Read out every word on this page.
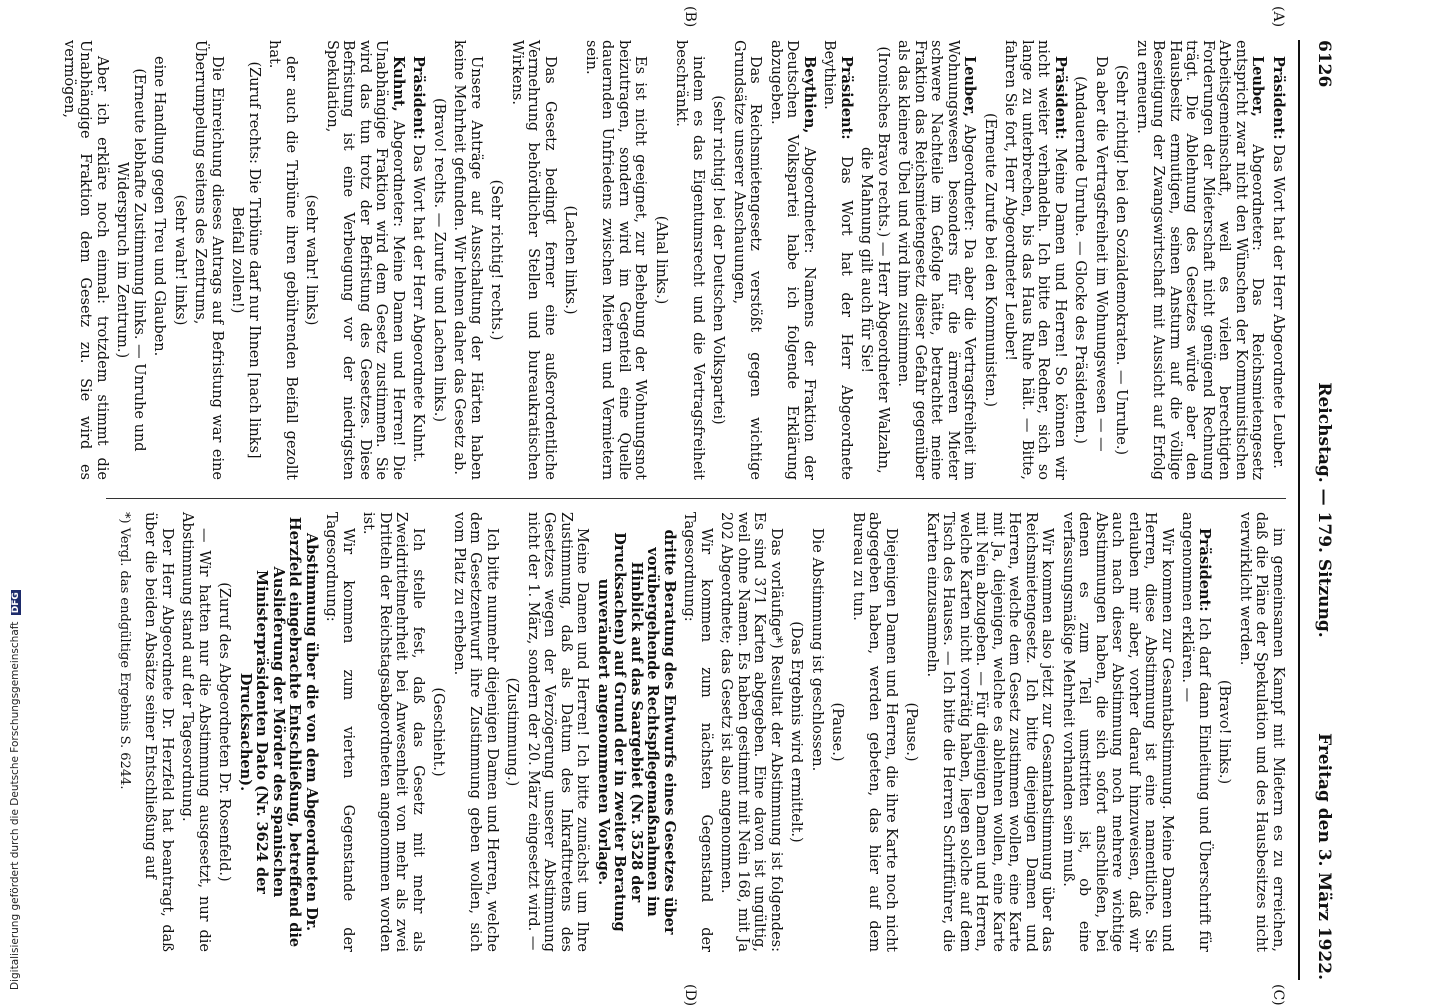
Digitalisierung gefördert durch die Deutsche Forschungsgemeinschaft DFG
6126
Reichstag. — 179. Sitzung.
Freitag den 3. März 1922.
(A)
(B)
(C)
(D)

Präsident: Das Wort hat der Herr Abgeordnete Leuber.

Leuber, Abgeordneter: Das Reichsmietengesetz entspricht zwar nicht den Wünschen der Kommunistischen Arbeitsgemeinschaft, weil es vielen berechtigten Forderungen der Mieterschaft nicht genügend Rechnung trägt. Die Ablehnung des Gesetzes würde aber den Hausbesitz ermutigen, seinen Ansturm auf die völlige Beseitigung der Zwangswirtschaft mit Aussicht auf Erfolg zu erneuern.

(Sehr richtig! bei den Sozialdemokraten. — Unruhe.)

Da aber die Vertragsfreiheit im Wohnungswesen — —

(Andauernde Unruhe. — Glocke des Präsidenten.)

Präsident: Meine Damen und Herren! So können wir nicht weiter verhandeln. Ich bitte den Redner, sich so lange zu unterbrechen, bis das Haus Ruhe hält. — Bitte, fahren Sie fort, Herr Abgeordneter Leuber!

(Erneute Zurufe bei den Kommunisten.)

Leuber, Abgeordneter: Da aber die Vertragsfreiheit im Wohnungswesen besonders für die ärmeren Mieter schwere Nachteile im Gefolge hätte, betrachtet meine Fraktion das Reichsmietengesetz dieser Gefahr gegenüber als das kleinere Übel und wird ihm zustimmen.

(Ironisches Bravo rechts.) — Herr Abgeordneter Walzahn, die Mahnung gilt auch für Sie!

Präsident: Das Wort hat der Herr Abgeordnete Beythien.

Beythien, Abgeordneter: Namens der Fraktion der Deutschen Volkspartei habe ich folgende Erklärung abzugeben.

Das Reichsmietengesetz verstößt gegen wichtige Grundsätze unserer Anschauungen,

(sehr richtig! bei der Deutschen Volkspartei)

indem es das Eigentumsrecht und die Vertragsfreiheit beschränkt.

(Ahal links.)

Es ist nicht geeignet, zur Behebung der Wohnungsnot beizutragen, sondern wird im Gegenteil eine Quelle dauernden Unfriedens zwischen Mietern und Vermietern sein.

(Lachen links.)

Das Gesetz bedingt ferner eine außerordentliche Vermehrung behördlicher Stellen und bureaukratischen Wirkens.

(Sehr richtig! rechts.)

Unsere Anträge auf Ausschaltung der Härten haben keine Mehrheit gefunden. Wir lehnen daher das Gesetz ab.

(Bravo! rechts. — Zurufe und Lachen links.)

Präsident: Das Wort hat der Herr Abgeordnete Kuhnt.

Kuhnt, Abgeordneter: Meine Damen und Herren! Die Unabhängige Fraktion wird dem Gesetz zustimmen. Sie wird das tun trotz der Befristung des Gesetzes. Diese Befristung ist eine Verbeugung vor der niedrigsten Spekulation,

(sehr wahr! links)

der auch die Tribüne ihren gebührenden Beifall gezollt hat.

(Zuruf rechts: Die Tribüne darf nur Ihnen [nach links] Beifall zollen!)

Die Einreichung dieses Antrags auf Befristung war eine Überrumpelung seitens des Zentrums,

(sehr wahr! links)

eine Handlung gegen Treu und Glauben.

(Erneute lebhafte Zustimmung links. — Unruhe und Widerspruch im Zentrum.)

Aber ich erkläre noch einmal: trotzdem stimmt die Unabhängige Fraktion dem Gesetz zu. Sie wird es vermögen,

im gemeinsamen Kampf mit Mietern es zu erreichen, daß die Pläne der Spekulation und des Hausbesitzes nicht verwirklicht werden.

(Bravo! links.)

Präsident: Ich darf dann Einleitung und Überschrift für angenommen erklären. —

Wir kommen zur Gesamtabstimmung. Meine Damen und Herren, diese Abstimmung ist eine namentliche. Sie erlauben mir aber, vorher darauf hinzuweisen, daß wir auch nach dieser Abstimmung noch mehrere wichtige Abstimmungen haben, die sich sofort anschließen, bei denen es zum Teil umstritten ist, ob eine verfassungsmäßige Mehrheit vorhanden sein muß.

Wir kommen also jetzt zur Gesamtabstimmung über das Reichsmietengesetz. Ich bitte diejenigen Damen und Herren, welche dem Gesetz zustimmen wollen, eine Karte mit Ja, diejenigen, welche es ablehnen wollen, eine Karte mit Nein abzugeben. — Für diejenigen Damen und Herren, welche Karten nicht vorrätig haben, liegen solche auf dem Tisch des Hauses. — Ich bitte die Herren Schriftführer, die Karten einzusammeln.

(Pause.)

Diejenigen Damen und Herren, die ihre Karte noch nicht abgegeben haben, werden gebeten, das hier auf dem Bureau zu tun.

(Pause.)

Die Abstimmung ist geschlossen.

(Das Ergebnis wird ermittelt.)

Das vorläufige*) Resultat der Abstimmung ist folgendes: Es sind 371 Karten abgegeben. Eine davon ist ungültig, weil ohne Namen. Es haben gestimmt mit Nein 168, mit Ja 202 Abgeordnete; das Gesetz ist also angenommen.

Wir kommen zum nächsten Gegenstand der Tagesordnung:

dritte Beratung des Entwurfs eines Gesetzes über vorübergehende Rechtspflegemaßnahmen im Hinblick auf das Saargebiet (Nr. 3528 der Drucksachen) auf Grund der in zweiter Beratung unverändert angenommenen Vorlage.

Meine Damen und Herren! Ich bitte zunächst um Ihre Zustimmung, daß als Datum des Inkrafttretens des Gesetzes wegen der Verzögerung unserer Abstimmung nicht der 1. März, sondern der 20. März eingesetzt wird. —

(Zustimmung.)

Ich bitte nunmehr diejenigen Damen und Herren, welche dem Gesetzentwurf ihre Zustimmung geben wollen, sich vom Platz zu erheben.

(Geschieht.)

Ich stelle fest, daß das Gesetz mit mehr als Zweidrittelmehrheit bei Anwesenheit von mehr als zwei Dritteln der Reichstagsabgeordneten angenommen worden ist.

Wir kommen zum vierten Gegenstande der Tagesordnung:

Abstimmung über die von dem Abgeordneten Dr. Herzfeld eingebrachte Entschließung, betreffend die Auslieferung der Mörder des spanischen Ministerpräsidenten Dato (Nr. 3624 der Drucksachen).
(Zuruf des Abgeordneten Dr. Rosenfeld.)

— Wir hatten nur die Abstimmung ausgesetzt, nur die Abstimmung stand auf der Tagesordnung.

Der Herr Abgeordnete Dr. Herzfeld hat beantragt, daß über die beiden Absätze seiner Entschließung auf

*) Vergl. das endgültige Ergebnis S. 6244.
